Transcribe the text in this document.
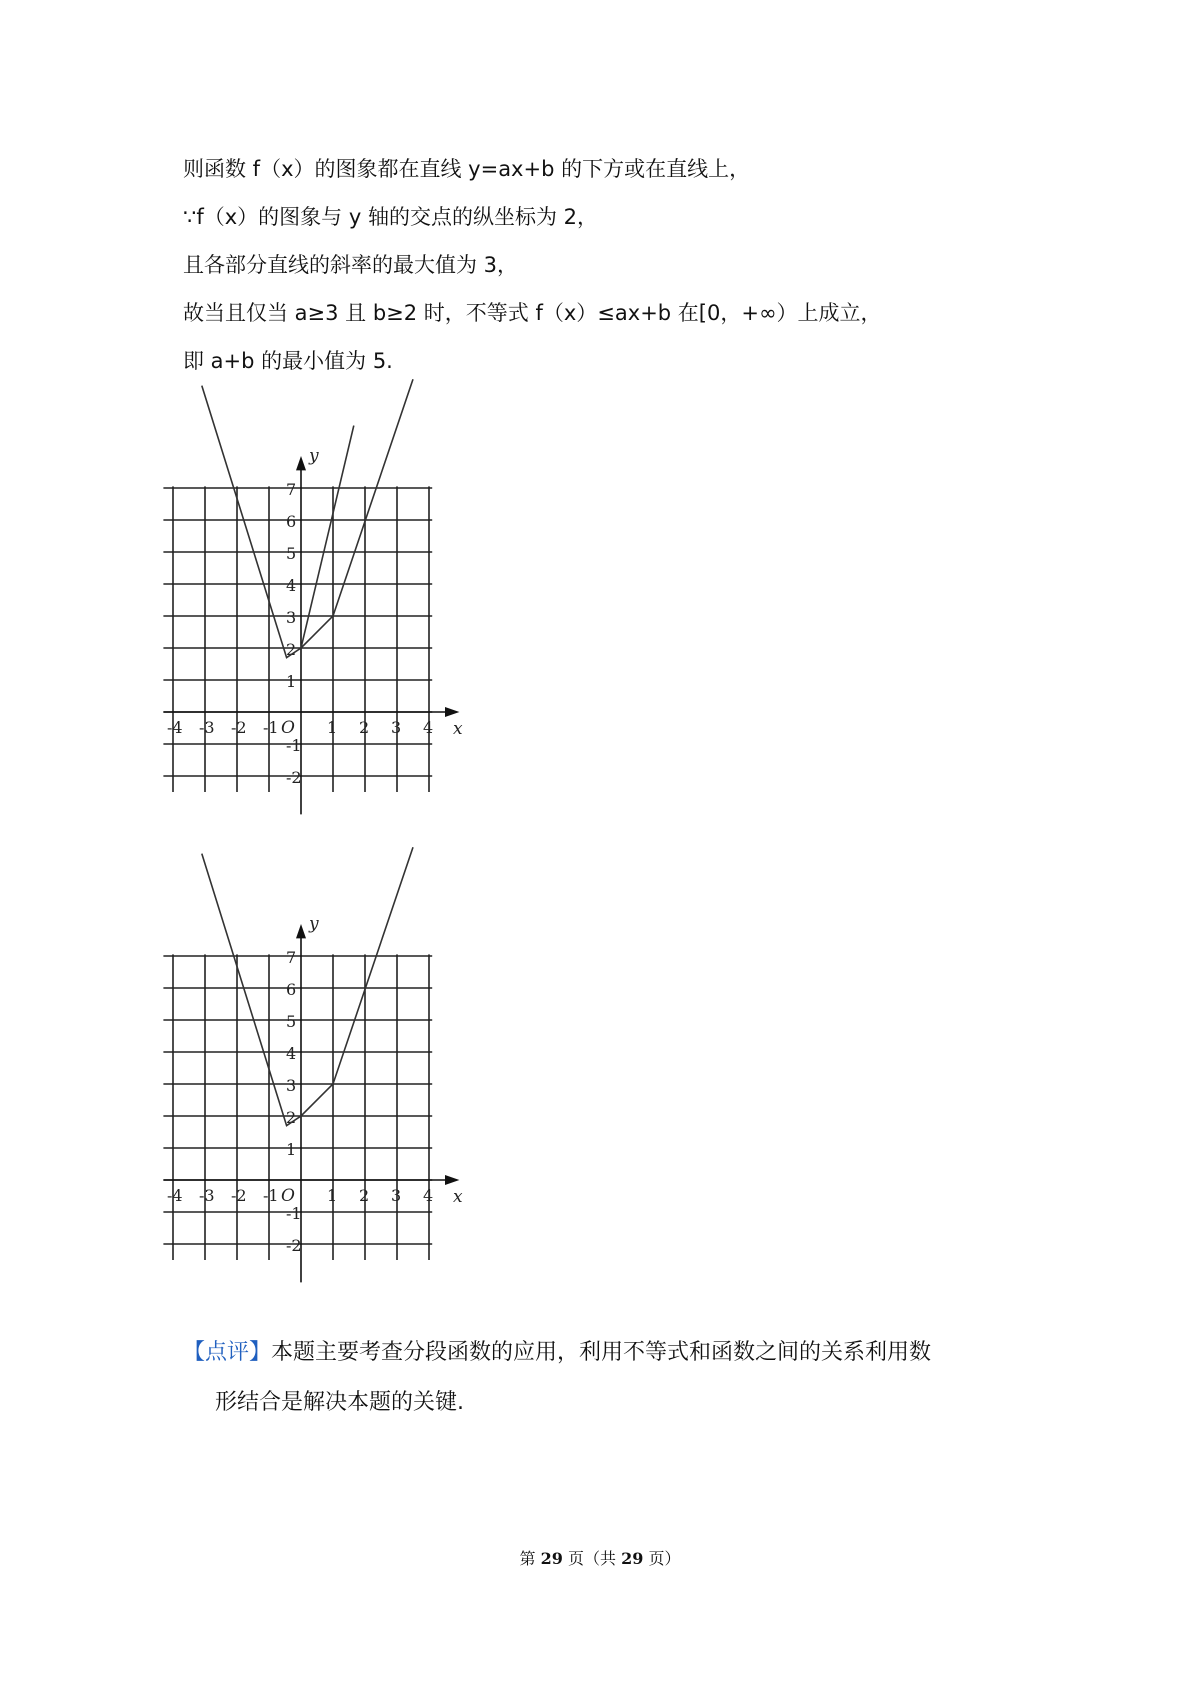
则函数 f（x）的图象都在直线 y=ax+b 的下方或在直线上，
∵f（x）的图象与 y 轴的交点的纵坐标为 2，
且各部分直线的斜率的最大值为 3，
故当且仅当 a≥3 且 b≥2 时，不等式 f（x）≤ax+b 在[0，+∞）上成立，
即 a+b 的最小值为 5.
-4 -3 -2 -1	1 2 3 4
7
6
5
4
3
2
1
-1
-2
O	x
y
-4 -3 -2 -1	1 2 3 4
7
6
5
4
3
2
1
-1
-2
O	x
y
【点评】本题主要考查分段函数的应用，利用不等式和函数之间的关系利用数
形结合是解决本题的关键.
第 29 页（共 29 页）
